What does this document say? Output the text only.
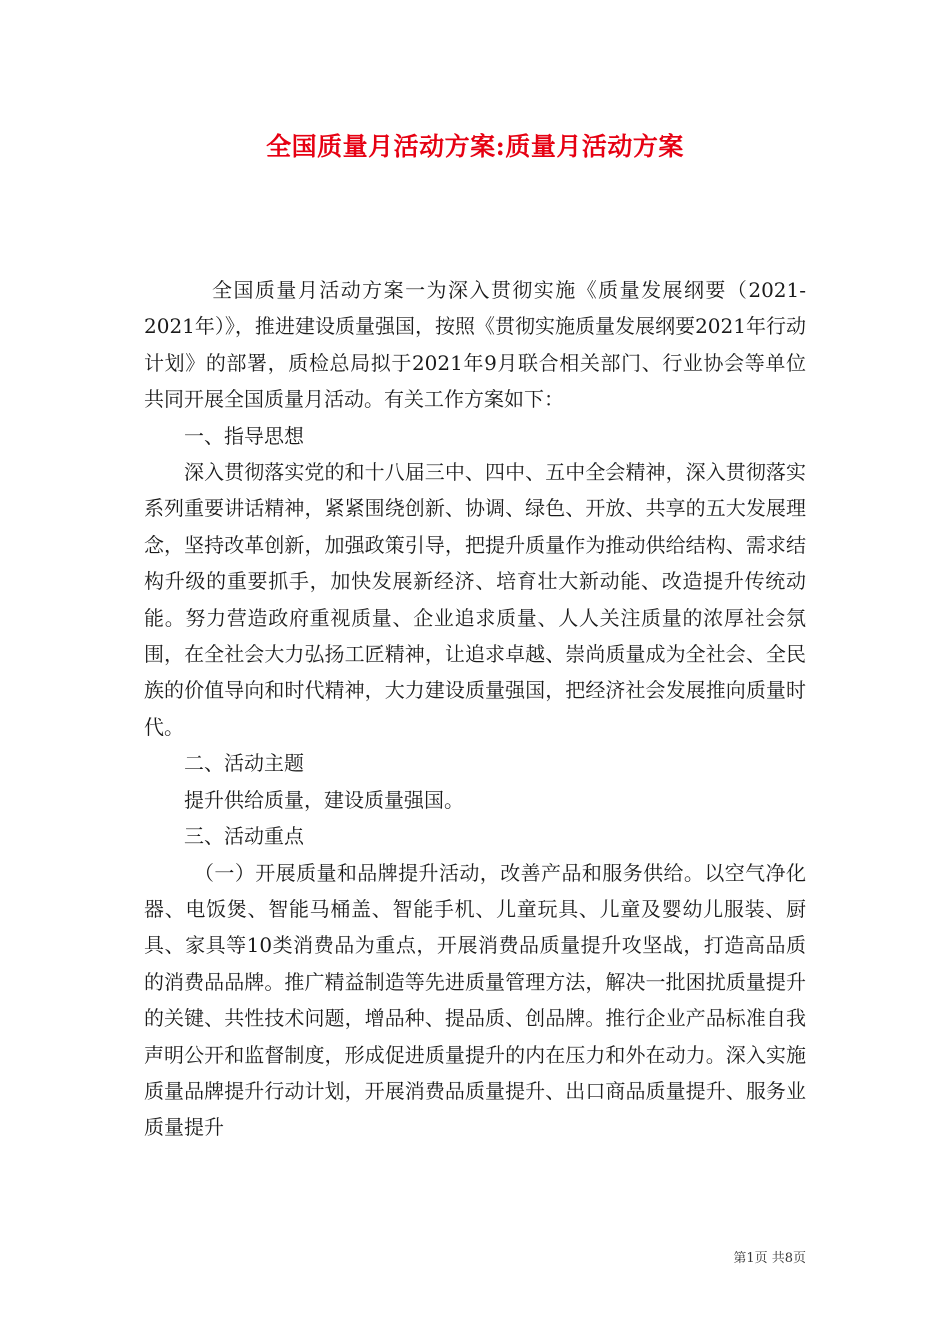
全国质量月活动方案:质量月活动方案

全国质量月活动方案一为深入贯彻实施《质量发展纲要（2021-2021年）》，推进建设质量强国，按照《贯彻实施质量发展纲要2021年行动计划》的部署，质检总局拟于2021年9月联合相关部门、行业协会等单位共同开展全国质量月活动。有关工作方案如下：

一、指导思想

深入贯彻落实党的和十八届三中、四中、五中全会精神，深入贯彻落实系列重要讲话精神，紧紧围绕创新、协调、绿色、开放、共享的五大发展理念，坚持改革创新，加强政策引导，把提升质量作为推动供给结构、需求结构升级的重要抓手，加快发展新经济、培育壮大新动能、改造提升传统动能。努力营造政府重视质量、企业追求质量、人人关注质量的浓厚社会氛围，在全社会大力弘扬工匠精神，让追求卓越、崇尚质量成为全社会、全民族的价值导向和时代精神，大力建设质量强国，把经济社会发展推向质量时代。

二、活动主题

提升供给质量，建设质量强国。

三、活动重点

（一）开展质量和品牌提升活动，改善产品和服务供给。以空气净化器、电饭煲、智能马桶盖、智能手机、儿童玩具、儿童及婴幼儿服装、厨具、家具等10类消费品为重点，开展消费品质量提升攻坚战，打造高品质的消费品品牌。推广精益制造等先进质量管理方法，解决一批困扰质量提升的关键、共性技术问题，增品种、提品质、创品牌。推行企业产品标准自我声明公开和监督制度，形成促进质量提升的内在压力和外在动力。深入实施质量品牌提升行动计划，开展消费品质量提升、出口商品质量提升、服务业质量提升

第1页 共8页
